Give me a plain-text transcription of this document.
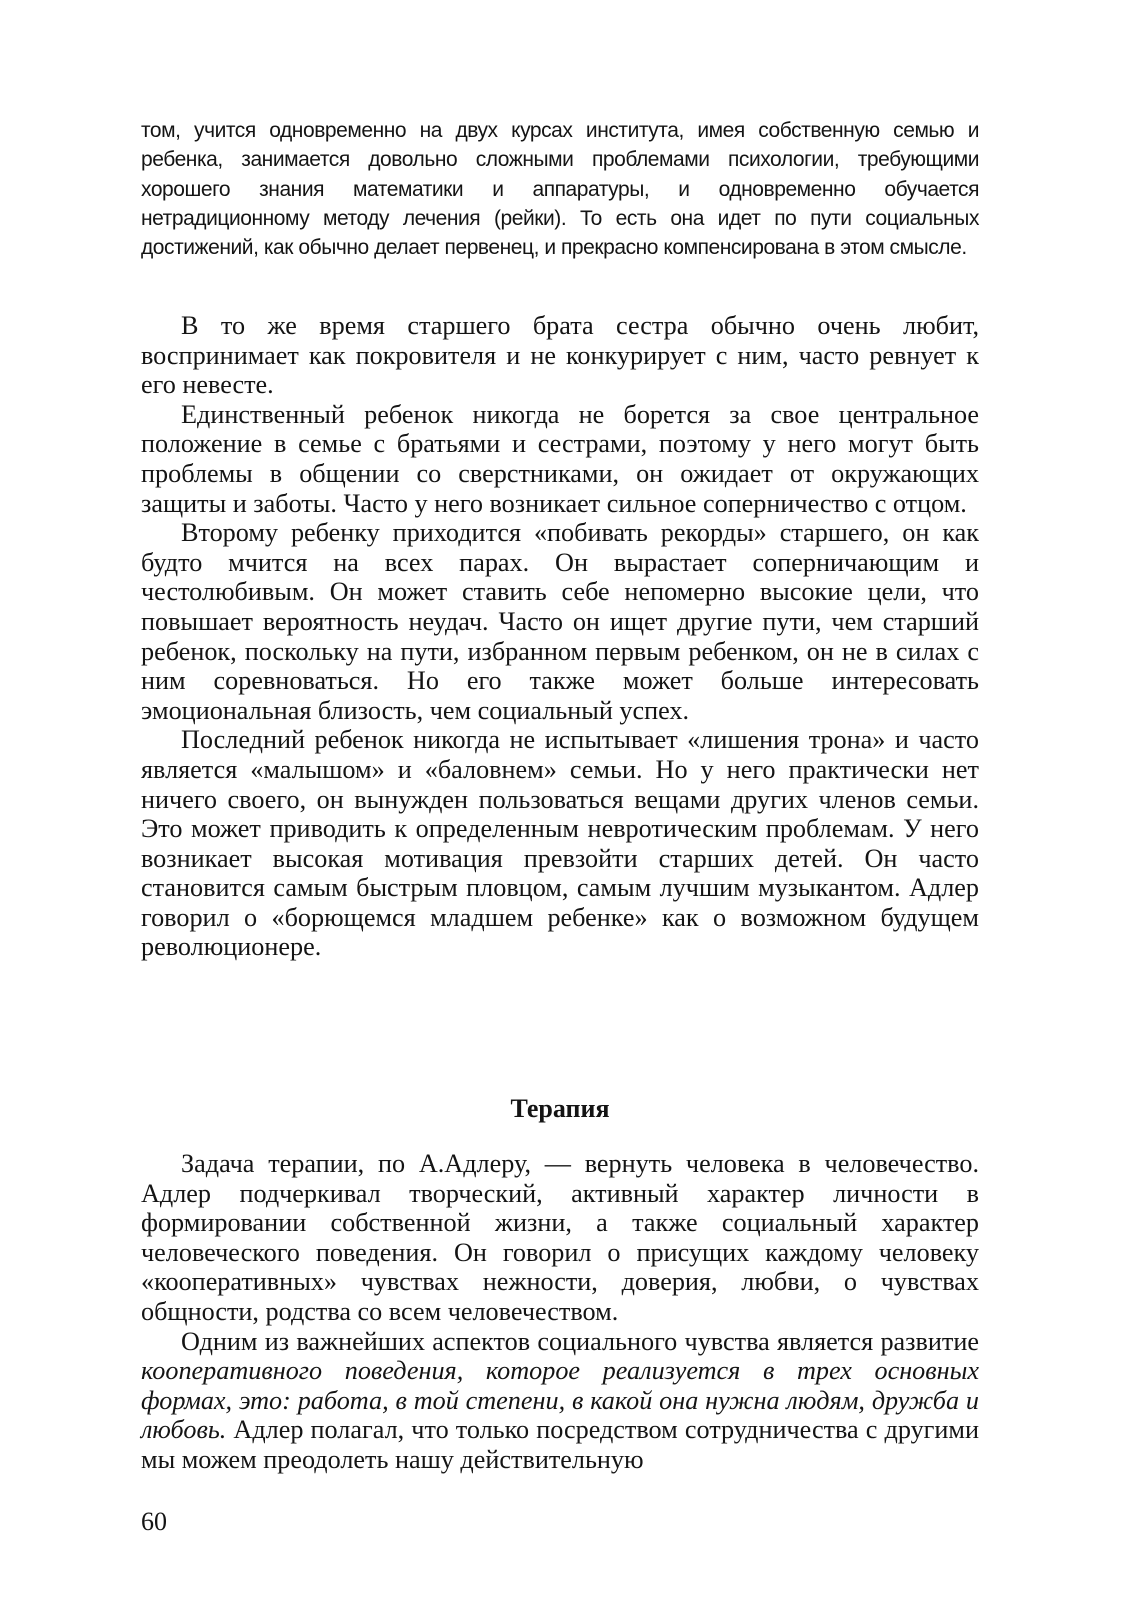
том, учится одновременно на двух курсах института, имея собственную семью и ребенка, занимается довольно сложными проблемами психологии, требующими хорошего знания математики и аппаратуры, и одновременно обучается нетрадиционному методу лечения (рейки). То есть она идет по пути социальных достижений, как обычно делает первенец, и прекрасно компенсирована в этом смысле.

В то же время старшего брата сестра обычно очень любит, воспринимает как покровителя и не конкурирует с ним, часто ревнует к его невесте.

Единственный ребенок никогда не борется за свое центральное положение в семье с братьями и сестрами, поэтому у него могут быть проблемы в общении со сверстниками, он ожидает от окружающих защиты и заботы. Часто у него возникает сильное соперничество с отцом.

Второму ребенку приходится «побивать рекорды» старшего, он как будто мчится на всех парах. Он вырастает соперничающим и честолюбивым. Он может ставить себе непомерно высокие цели, что повышает вероятность неудач. Часто он ищет другие пути, чем старший ребенок, поскольку на пути, избранном первым ребенком, он не в силах с ним соревноваться. Но его также может больше интересовать эмоциональная близость, чем социальный успех.

Последний ребенок никогда не испытывает «лишения трона» и часто является «малышом» и «баловнем» семьи. Но у него практически нет ничего своего, он вынужден пользоваться вещами других членов семьи. Это может приводить к определенным невротическим проблемам. У него возникает высокая мотивация превзойти старших детей. Он часто становится самым быстрым пловцом, самым лучшим музыкантом. Адлер говорил о «борющемся младшем ребенке» как о возможном будущем революционере.

Терапия

Задача терапии, по А.Адлеру, — вернуть человека в человечество. Адлер подчеркивал творческий, активный характер личности в формировании собственной жизни, а также социальный характер человеческого поведения. Он говорил о присущих каждому человеку «кооперативных» чувствах нежности, доверия, любви, о чувствах общности, родства со всем человечеством.

Одним из важнейших аспектов социального чувства является развитие кооперативного поведения, которое реализуется в трех основных формах, это: работа, в той степени, в какой она нужна людям, дружба и любовь. Адлер полагал, что только посредством сотрудничества с другими мы можем преодолеть нашу действительную

60
